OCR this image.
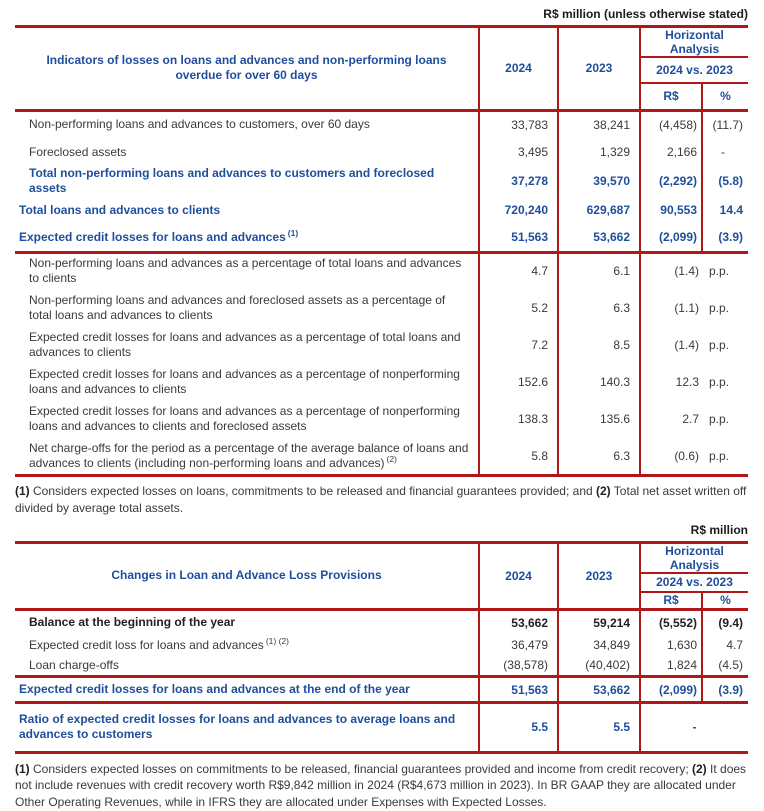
R$ million (unless otherwise stated)
Indicators of losses on loans and advances and non-performing loans overdue for over 60 days	2024	2023	Horizontal Analysis	
			2024 vs. 2023	
			R$	%
Non-performing loans and advances to customers, over 60 days	33,783	38,241	(4,458)	(11.7)
Foreclosed assets	3,495	1,329	2,166	-
Total non-performing loans and advances to customers and foreclosed assets	37,278	39,570	(2,292)	(5.8)
Total loans and advances to clients	720,240	629,687	90,553	14.4
Expected credit losses for loans and advances $^{(1)}$	51,563	53,662	(2,099)	(3.9)
Non-performing loans and advances as a percentage of total loans and advances to clients	4.7	6.1	(1.4) p.p.	

Non-performing loans and advances and foreclosed assets as a percentage of total loans and advances to clients	5.2	6.3	(1.1) p.p.	

Expected credit losses for loans and advances as a percentage of total loans and advances to clients	7.2	8.5	(1.4) p.p.	

Expected credit losses for loans and advances as a percentage of nonperforming loans and advances to clients	152.6	140.3	12.3 p.p.	

Expected credit losses for loans and advances as a percentage of nonperforming loans and advances to clients and foreclosed assets	138.3	135.6	2.7 p.p.	

Net charge-offs for the period as a percentage of the average balance of loans and advances to clients (including non-performing loans and advances) $^{(2)}$	5.8	6.3	(0.6) p.p.	

(1) Considers expected losses on loans, commitments to be released and financial guarantees provided; and (2) Total net asset written off divided by average total assets.

R$ million
Changes in Loan and Advance Loss Provisions	2024	2023	Horizontal Analysis	
			2024 vs. 2023	
			R$	%
Balance at the beginning of the year	53,662	59,214	(5,552)	(9.4)
Expected credit loss for loans and advances $^{(1) (2)}$	36,479	34,849	1,630	4.7
Loan charge-offs	(38,578)	(40,402)	1,824	(4.5)
Expected credit losses for loans and advances at the end of the year	51,563	53,662	(2,099)	(3.9)
Ratio of expected credit losses for loans and advances to average loans and advances to customers	5.5	5.5	-	

(1) Considers expected losses on commitments to be released, financial guarantees provided and income from credit recovery; (2) It does not include revenues with credit recovery worth R$9,842 million in 2024 (R$4,673 million in 2023). In BR GAAP they are allocated under Other Operating Revenues, while in IFRS they are allocated under Expenses with Expected Losses.
